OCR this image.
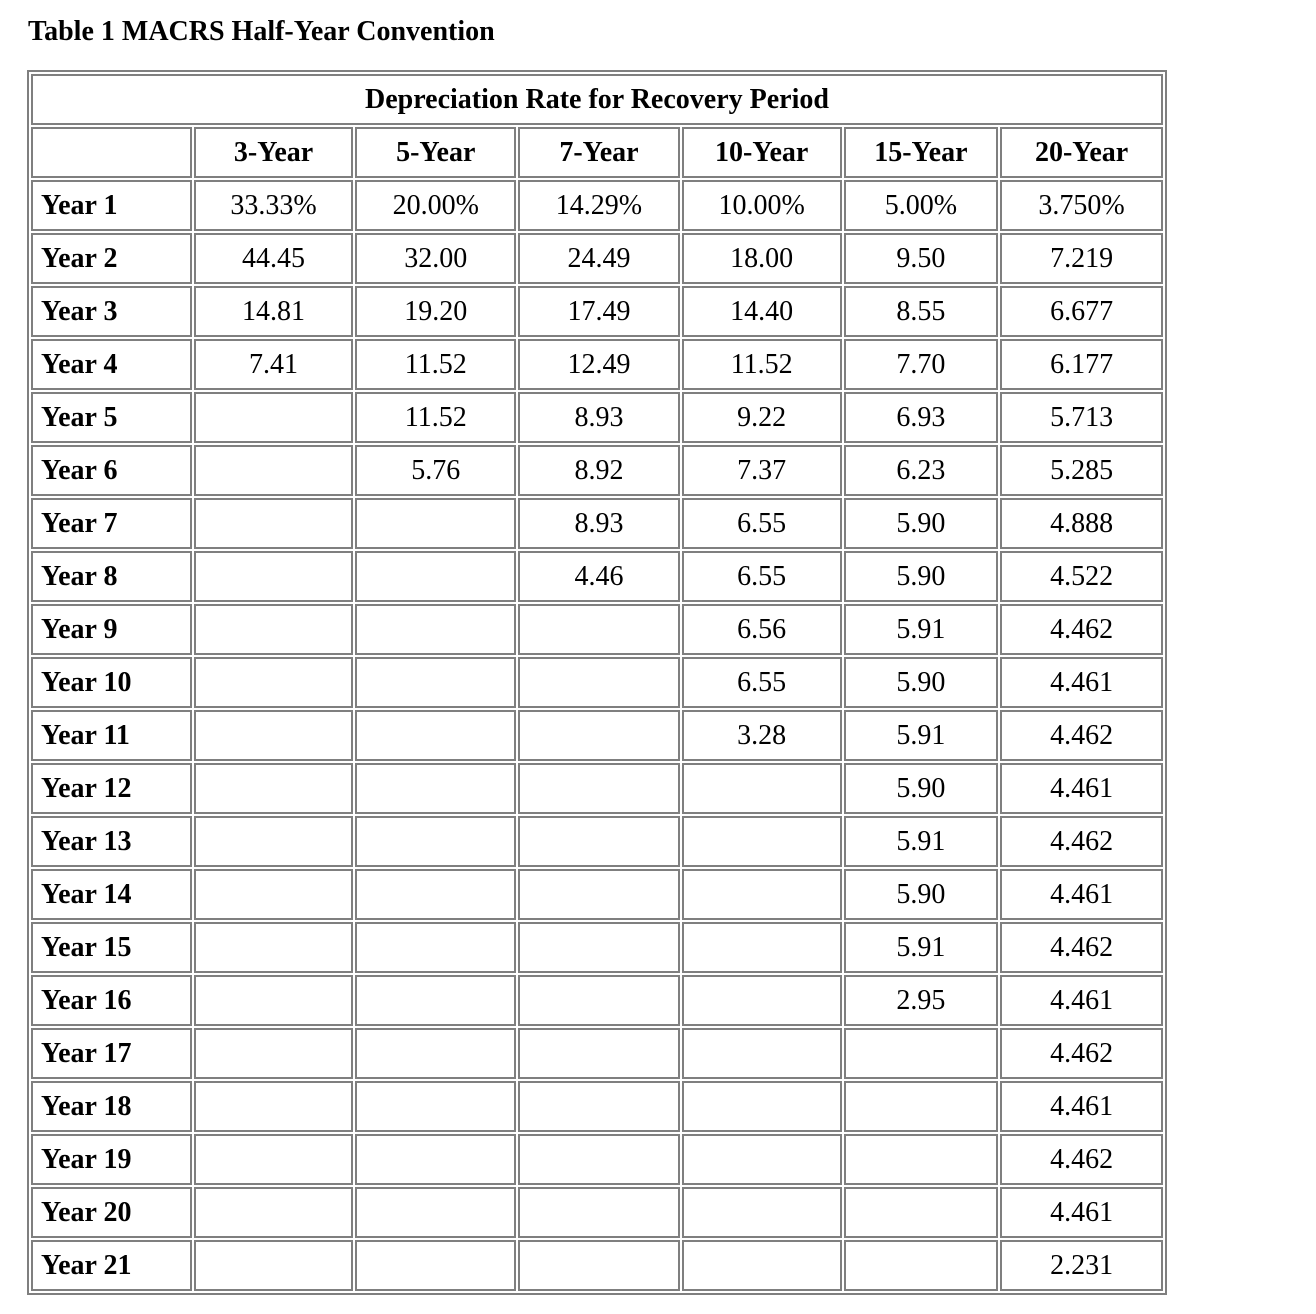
Table 1 MACRS Half-Year Convention
Depreciation Rate for Recovery Period						
	3-Year	5-Year	7-Year	10-Year	15-Year	20-Year
Year 1	33.33%	20.00%	14.29%	10.00%	5.00%	3.750%
Year 2	44.45	32.00	24.49	18.00	9.50	7.219
Year 3	14.81	19.20	17.49	14.40	8.55	6.677
Year 4	7.41	11.52	12.49	11.52	7.70	6.177
Year 5		11.52	8.93	9.22	6.93	5.713
Year 6		5.76	8.92	7.37	6.23	5.285
Year 7			8.93	6.55	5.90	4.888
Year 8			4.46	6.55	5.90	4.522
Year 9				6.56	5.91	4.462
Year 10				6.55	5.90	4.461
Year 11				3.28	5.91	4.462
Year 12					5.90	4.461
Year 13					5.91	4.462
Year 14					5.90	4.461
Year 15					5.91	4.462
Year 16					2.95	4.461
Year 17						4.462
Year 18						4.461
Year 19						4.462
Year 20						4.461
Year 21						2.231
